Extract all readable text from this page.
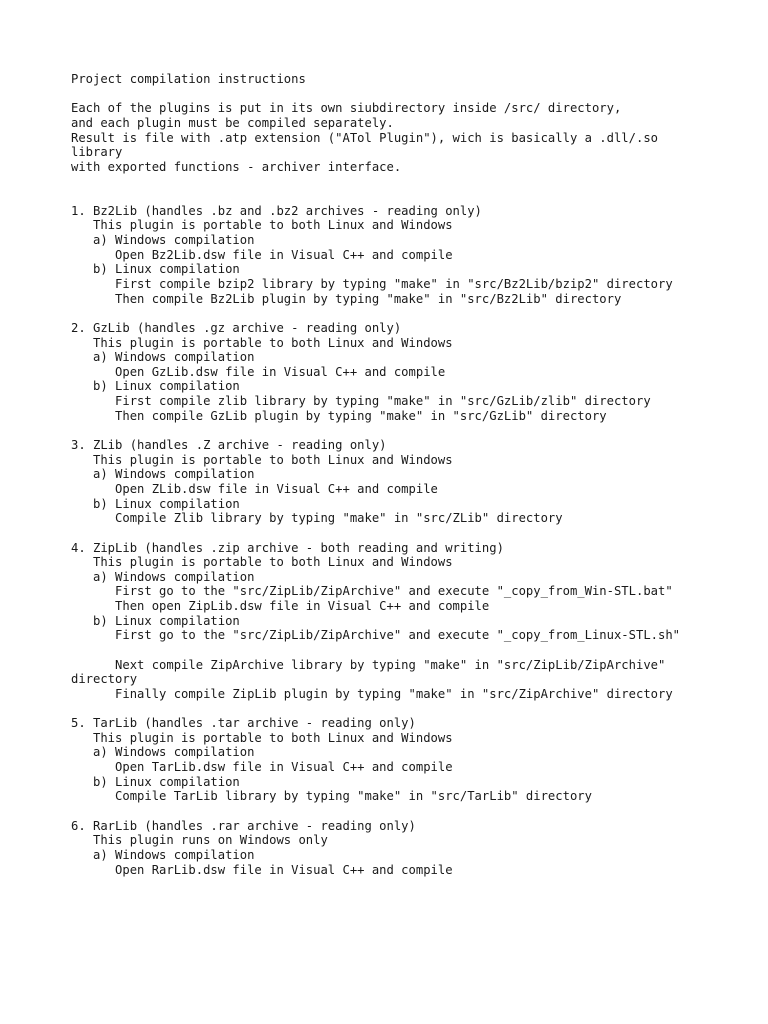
Project compilation instructions
Each of the plugins is put in its own siubdirectory inside /src/ directory,
and each plugin must be compiled separately.
Result is file with .atp extension ("ATol Plugin"), wich is basically a .dll/.so
library
with exported functions - archiver interface.
1. Bz2Lib (handles .bz and .bz2 archives - reading only)
This plugin is portable to both Linux and Windows
a) Windows compilation
Open Bz2Lib.dsw file in Visual C++ and compile
b) Linux compilation
First compile bzip2 library by typing "make" in "src/Bz2Lib/bzip2" directory
Then compile Bz2Lib plugin by typing "make" in "src/Bz2Lib" directory
2. GzLib (handles .gz archive - reading only)
This plugin is portable to both Linux and Windows
a) Windows compilation
Open GzLib.dsw file in Visual C++ and compile
b) Linux compilation
First compile zlib library by typing "make" in "src/GzLib/zlib" directory
Then compile GzLib plugin by typing "make" in "src/GzLib" directory
3. ZLib (handles .Z archive - reading only)
This plugin is portable to both Linux and Windows
a) Windows compilation
Open ZLib.dsw file in Visual C++ and compile
b) Linux compilation
Compile Zlib library by typing "make" in "src/ZLib" directory
4. ZipLib (handles .zip archive - both reading and writing)
This plugin is portable to both Linux and Windows
a) Windows compilation
First go to the "src/ZipLib/ZipArchive" and execute "_copy_from_Win-STL.bat"
Then open ZipLib.dsw file in Visual C++ and compile
b) Linux compilation
First go to the "src/ZipLib/ZipArchive" and execute "_copy_from_Linux-STL.sh"
Next compile ZipArchive library by typing "make" in "src/ZipLib/ZipArchive"
directory
Finally compile ZipLib plugin by typing "make" in "src/ZipArchive" directory
5. TarLib (handles .tar archive - reading only)
This plugin is portable to both Linux and Windows
a) Windows compilation
Open TarLib.dsw file in Visual C++ and compile
b) Linux compilation
Compile TarLib library by typing "make" in "src/TarLib" directory
6. RarLib (handles .rar archive - reading only)
This plugin runs on Windows only
a) Windows compilation
Open RarLib.dsw file in Visual C++ and compile
